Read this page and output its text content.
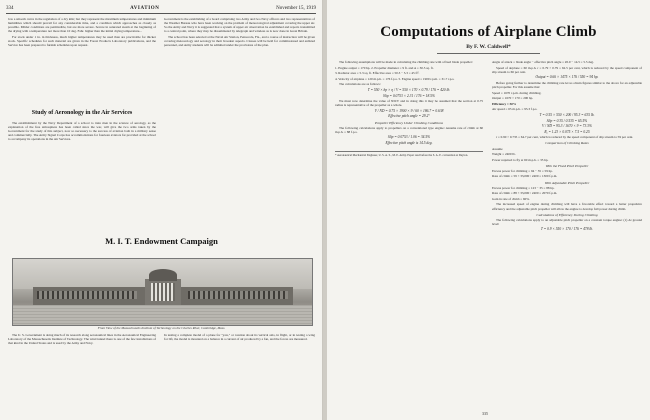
334	AVIATION	November 15, 1919

low a smooth curve in the regulation of a dry kiln; but they represent the maximum temperatures and minimum humidities which should prevail for any considerable time, and a condition which approaches as closely as possible. Milder conditions are permissible, but are more severe. Severe in saturated steam at the beginning of the drying with a temperature not more than 10 deg. Fahr. higher than the initial drying temperature...

For stock under 1 in. in thickness, much higher temperatures may be used than are practicable for thicker stock. Specific schedules for such material are given in the Forest Products Laboratory publications, and the Service has been prepared to furnish schedules upon request.

Study of Aeronology in the Air Services

The establishment by the Navy Department of a school to train men in the science of aerology, as the explanation of the free atmosphere has been called since the war, will give the two arms taken by the Government for the study of this subject, now so necessary to the success of aviation both in a military sense and commercially. The Army Signal Corps has accommodations for fourteen aviators far provided at the school to accompany its operations in the Air Services.

Government is the establishing of a board comprising two Army and two Navy officers and two representatives of the Weather Bureau who have been working on the problem of meteorological adjustment covering the upper air. So the Army and Navy it is suggested that a system of upper air observation be established and reports transmitted to a central point, where they may be disseminated by telegraph and wireless as is now done in Great Britain.

The school has been selected at the Naval Air Station, Pensacola, Fla., and a course of instruction will be given covering meteorology and aerology in their broadest aspects. Classes will be held for commissioned and enlisted personnel, and Army students will be admitted under the provisions of the plan.

M. I. T. Endowment Campaign
Front View of the Massachusetts Institute of Technology on the Charles River, Cambridge, Mass.

The U. S. Government is doing much of its research along aeronautical lines in the Aeronautical Engineering Laboratory of the Massachusetts Institute of Technology. The wind tunnel there is one of the few installations of that kind in the United States and is used by the Army and Navy.

In testing a complete model of a plane for "yaw," or rotation about its vertical axis, in flight, or in testing a wing for lift, the model is mounted on a balance in a current of air produced by a fan, and the forces are measured.

Computations of Airplane Climb
By F. W. Caldwell*

The following assumptions will be made in calculating the climbing rate with a fixed blade propeller:

1. Engine output = 170 hp. 2. Propeller diameter = 9 ft. and A = 30.5 sq. ft.

3. Radiator area = 5.3 sq. ft. Effective area = 50.3 − 5.3 = 45 ft².

4. Velocity of airplane = 120 m.p.h. = 176 f.p.s. 5. Engine speed = 1900 r.p.m. = 31.7 r.p.s.

The calculations are as follows:

T = 550 × hp × η / V = 550 × 170 × 0.79 / 176 = 420 lb.
Slip = 0.0753 × 2.31 / 176 = 18.5%

We must now determine the value of ND/V and in doing this it may be assumed that the section at 0.75 radius is representative of the propeller as a whole.

V / ND = 0.75 × 1900 × 9 / 60 × 186.7 = 0.638
Effective pitch angle = 29.2°
Propeller Efficiency Under Climbing Conditions

The following calculations apply to propellers on a conventional type engine: Assume rate of climb at 60 m.p.h. = 88 f.p.s.

Slip = 0.0753 / 1.06 = 34.5%
Effective pitch angle is 14.5 deg.

* Aeronautical Mechanical Engineer, U. S. A. S., M. E. Army. Paper read before the S. A. E. convention at Dayton.

Angle of attack = blade angle − effective pitch angle = 20.0 − 14.5 = 5.5 deg.

Speed of airplane = 60 m.p.h. r = 0.79 × 0.79 = 62.5 per cent, which is reduced by the speed component of slip stream to 66 per cent.

Output = 0.66 × 1475 × 176 / 550 = 94 hp.

Before going further to determine the climbing rate let us obtain figures similar to the above for an adjustable pitch propeller. For this assume that:

Speed = 1670 r.p.m. during climbing.

Output = 1670 × 170 = 200 hp.

Efficiency = 50%

Air speed = 65 m.p.h. = 95.3 f.p.s.

T = 0.55 × 550 × 200 / 95.3 = 635 lb.
Slip = 0.35 / 0.535 = 65.5%
V / ND = 95.3 / 1670 × 9 = 73.3%
Rₐ = 1.23 × 0.075 × 7.5 = 0.25

r = 0.90 × 0.735 = 64.7 per cent, which is reduced by the speed component of slip stream to 59 per cent.

Comparison of Climbing Rates

Assume

Weight = 2400 lb.

Power required to fly at 60 m.p.h. = 35 hp.

With the Fixed Pitch Propeller

Excess power for climbing = 94 − 35 = 59 hp.

Rate of climb = 59 × 33,000 / 2400 = 1300 f.p.m.

With Adjustable Pitch Propeller

Excess power for climbing = 123 − 35 = 88 hp.

Rate of climb = 88 × 33,000 / 2400 = 2070 f.p.m.

Gain in rate of climb = 60%.

The increased speed of engine during climbing will have a favorable effect toward a better propulsive efficiency and the adjustable pitch propeller will allow the engine to develop full power during climb.

Calculations of Efficiency During Climbing

The following calculations apply to an adjustable pitch propeller on a constant torque engine: (1) At ground level:

T = 0.9 × 550 × 170 / 176 = 478 lb.
335
